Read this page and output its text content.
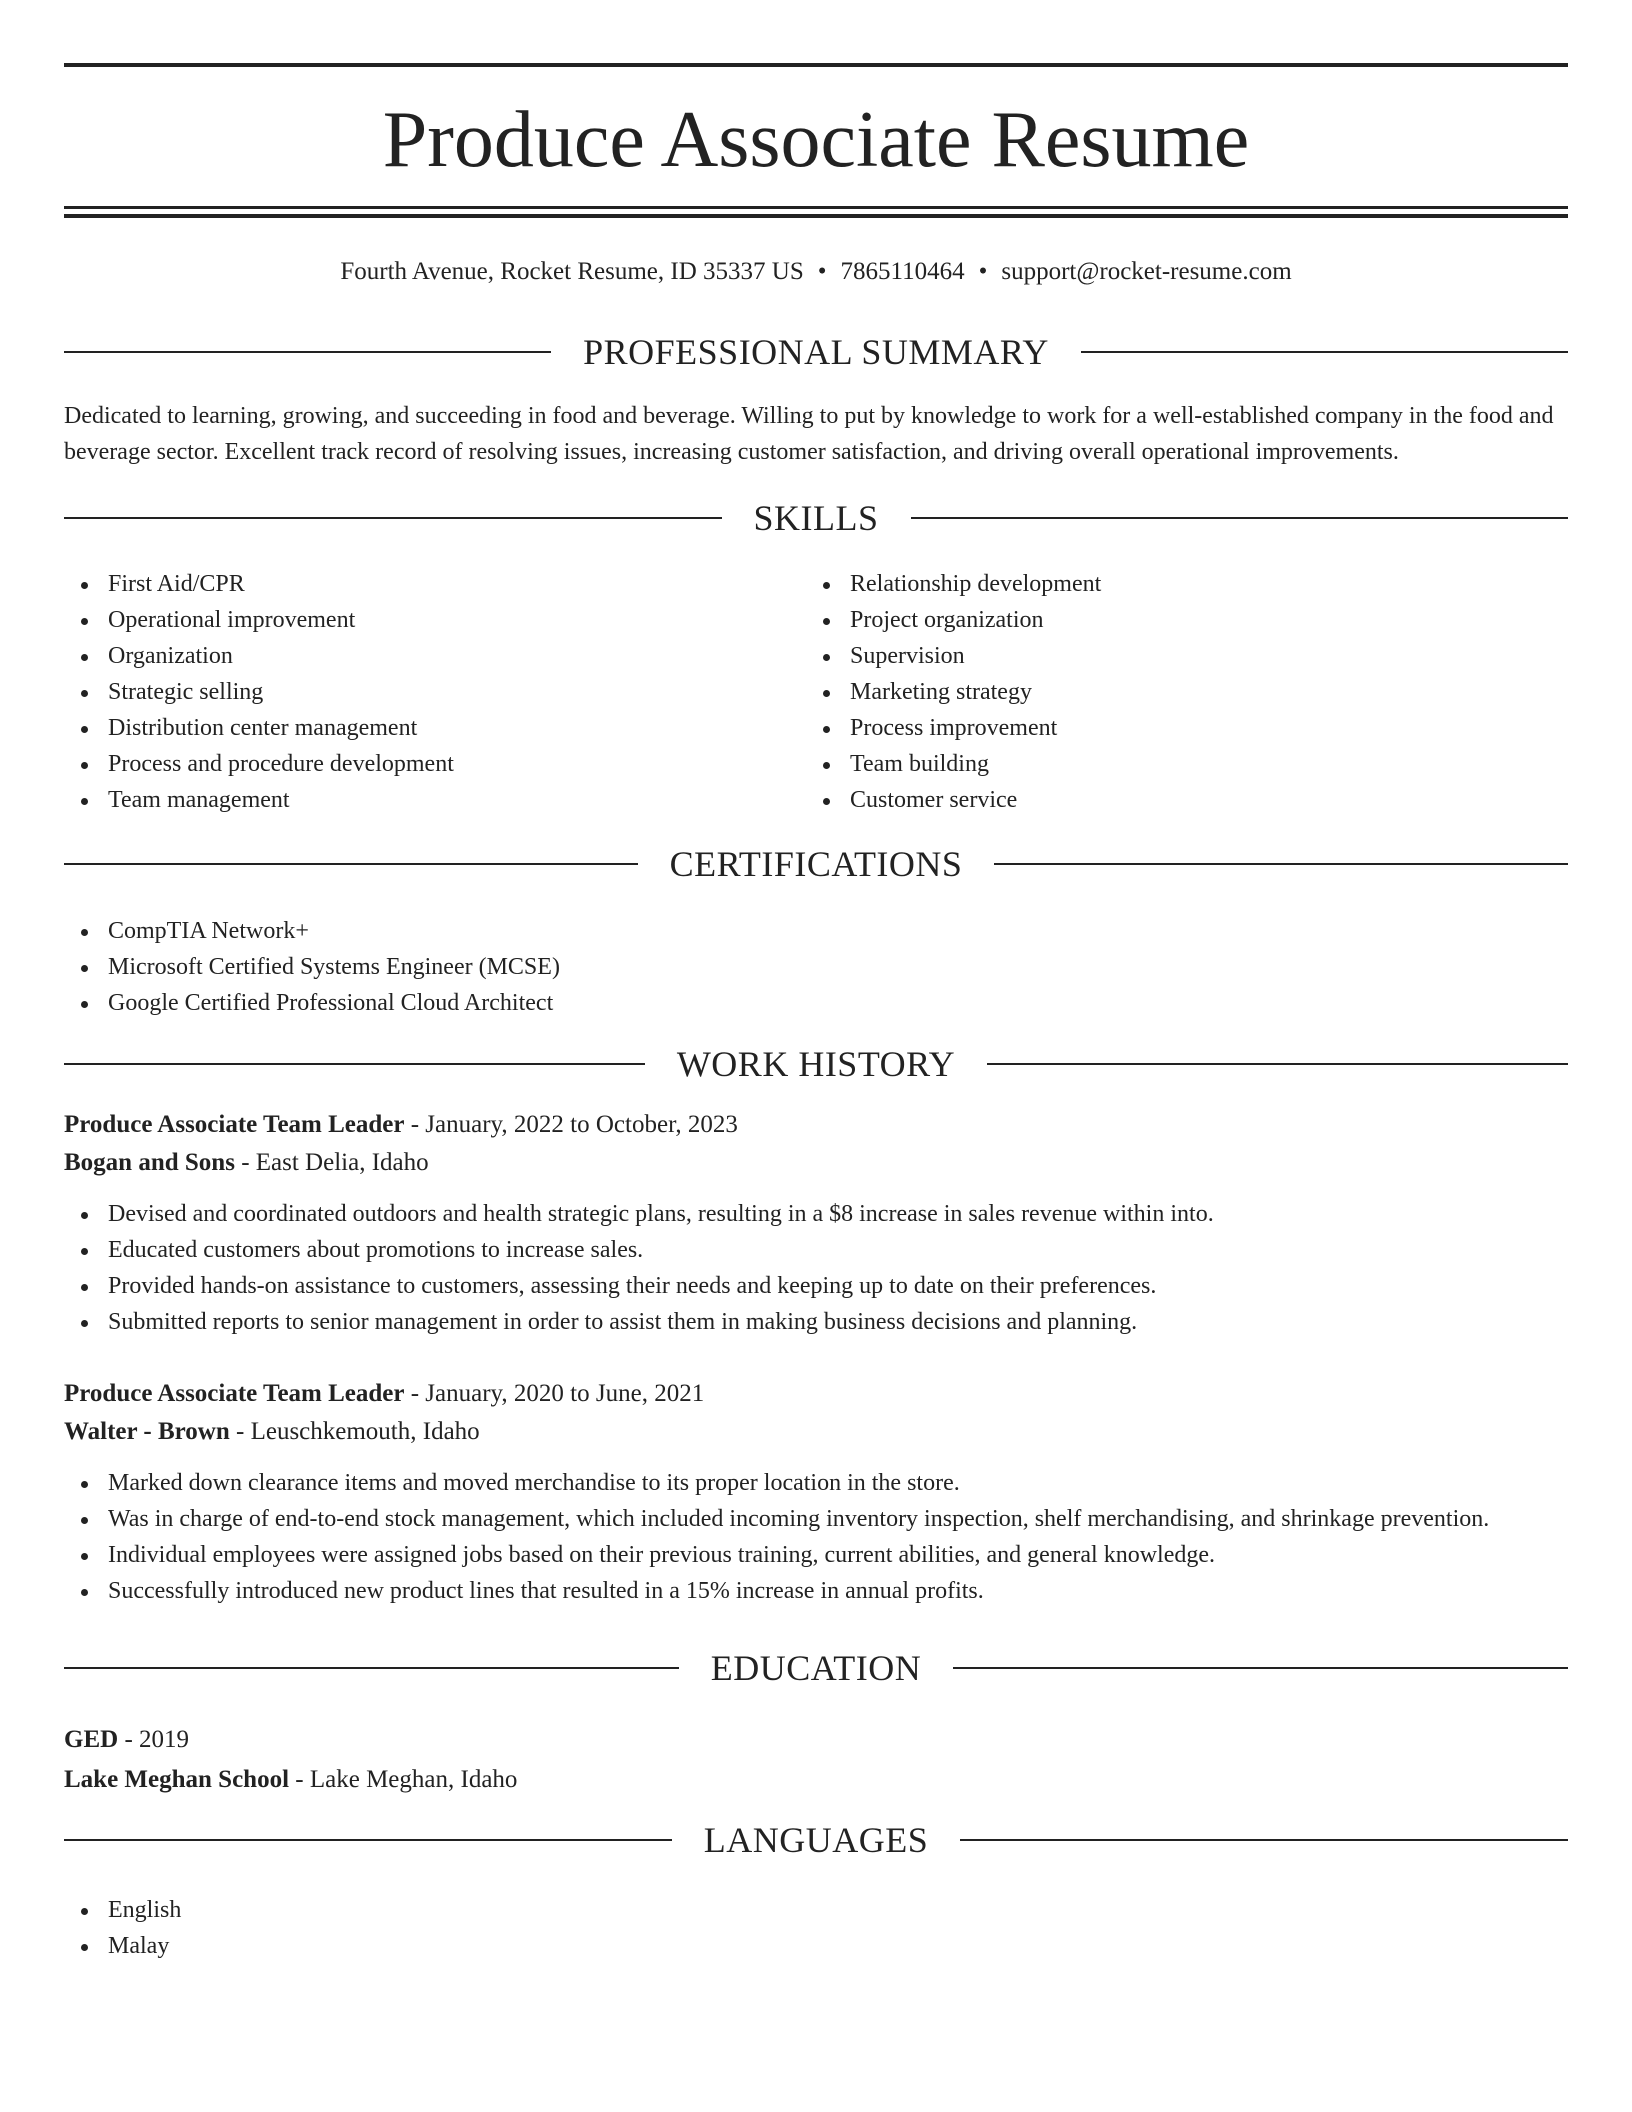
Produce Associate Resume
Fourth Avenue, Rocket Resume, ID 35337 US • 7865110464 • support@rocket-resume.com
PROFESSIONAL SUMMARY

Dedicated to learning, growing, and succeeding in food and beverage. Willing to put by knowledge to work for a well-established company in the food and beverage sector. Excellent track record of resolving issues, increasing customer satisfaction, and driving overall operational improvements.

SKILLS
First Aid/CPR
Operational improvement
Organization
Strategic selling
Distribution center management
Process and procedure development
Team management
Relationship development
Project organization
Supervision
Marketing strategy
Process improvement
Team building
Customer service
CERTIFICATIONS
CompTIA Network+
Microsoft Certified Systems Engineer (MCSE)
Google Certified Professional Cloud Architect
WORK HISTORY
Produce Associate Team Leader - January, 2022 to October, 2023
Bogan and Sons - East Delia, Idaho
Devised and coordinated outdoors and health strategic plans, resulting in a $8 increase in sales revenue within into.
Educated customers about promotions to increase sales.
Provided hands-on assistance to customers, assessing their needs and keeping up to date on their preferences.
Submitted reports to senior management in order to assist them in making business decisions and planning.
Produce Associate Team Leader - January, 2020 to June, 2021
Walter - Brown - Leuschkemouth, Idaho
Marked down clearance items and moved merchandise to its proper location in the store.
Was in charge of end-to-end stock management, which included incoming inventory inspection, shelf merchandising, and shrinkage prevention.
Individual employees were assigned jobs based on their previous training, current abilities, and general knowledge.
Successfully introduced new product lines that resulted in a 15% increase in annual profits.
EDUCATION
GED - 2019
Lake Meghan School - Lake Meghan, Idaho
LANGUAGES
English
Malay
